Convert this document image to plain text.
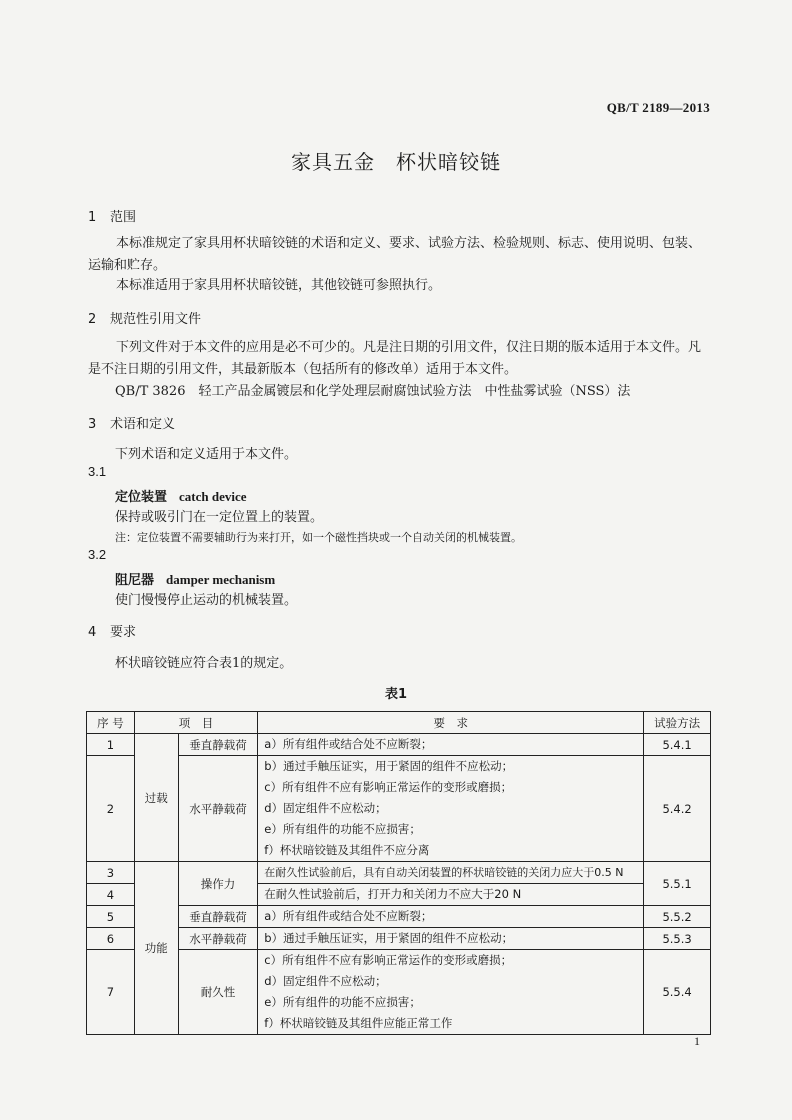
QB/T 2189—2013
家具五金　杯状暗铰链
1 范围
本标准规定了家具用杯状暗铰链的术语和定义、要求、试验方法、检验规则、标志、使用说明、包装、运输和贮存。
本标准适用于家具用杯状暗铰链，其他铰链可参照执行。
2 规范性引用文件
下列文件对于本文件的应用是必不可少的。凡是注日期的引用文件，仅注日期的版本适用于本文件。凡是不注日期的引用文件，其最新版本（包括所有的修改单）适用于本文件。
QB/T 3826　轻工产品金属镀层和化学处理层耐腐蚀试验方法　中性盐雾试验（NSS）法
3 术语和定义
下列术语和定义适用于本文件。
3.1
定位装置 catch device
保持或吸引门在一定位置上的装置。
注：定位装置不需要辅助行为来打开，如一个磁性挡块或一个自动关闭的机械装置。
3.2
阻尼器 damper mechanism
使门慢慢停止运动的机械装置。
4 要求
杯状暗铰链应符合表1的规定。
表1
序 号	项　目		要　求	试验方法
1	过载	垂直静载荷	a）所有组件或结合处不应断裂；	5.4.1
2		水平静载荷	b）通过手触压证实，用于紧固的组件不应松动；
c）所有组件不应有影响正常运作的变形或磨损；
d）固定组件不应松动；
e）所有组件的功能不应损害；
f）杯状暗铰链及其组件不应分离	5.4.2
3	功能	操作力	在耐久性试验前后，具有自动关闭装置的杯状暗铰链的关闭力应大于0.5 N	5.5.1
4			在耐久性试验前后，打开力和关闭力不应大于20 N	

5		垂直静载荷	a）所有组件或结合处不应断裂；	5.5.2
6		水平静载荷	b）通过手触压证实，用于紧固的组件不应松动；	5.5.3
7		耐久性	c）所有组件不应有影响正常运作的变形或磨损；
d）固定组件不应松动；
e）所有组件的功能不应损害；
f）杯状暗铰链及其组件应能正常工作	5.5.4
1
